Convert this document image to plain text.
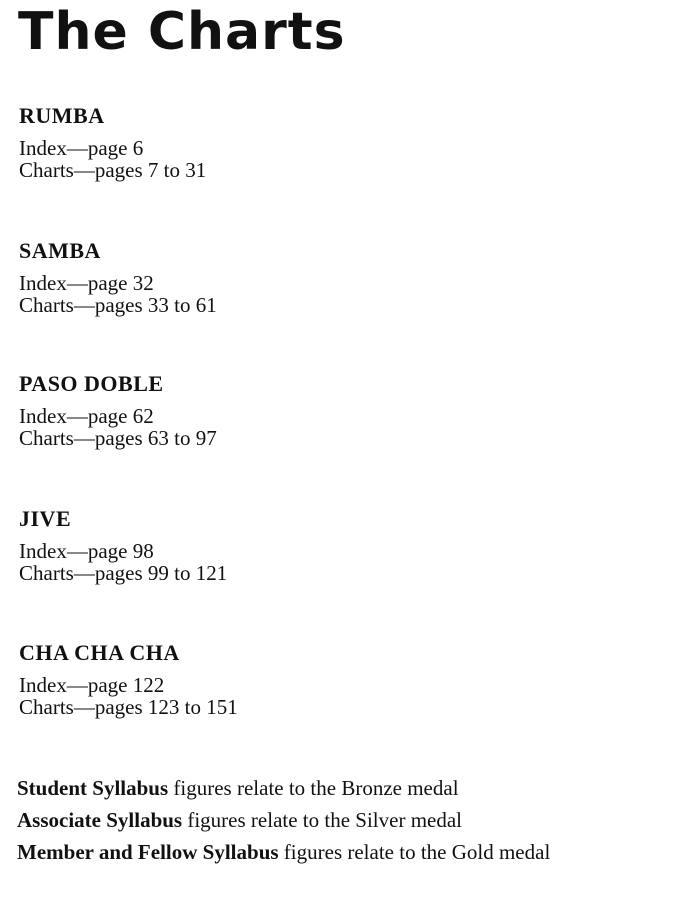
The Charts

RUMBA

Index—page 6

Charts—pages 7 to 31

SAMBA

Index—page 32

Charts—pages 33 to 61

PASO DOBLE

Index—page 62

Charts—pages 63 to 97

JIVE

Index—page 98

Charts—pages 99 to 121

CHA CHA CHA

Index—page 122

Charts—pages 123 to 151

Student Syllabus figures relate to the Bronze medal

Associate Syllabus figures relate to the Silver medal

Member and Fellow Syllabus figures relate to the Gold medal
